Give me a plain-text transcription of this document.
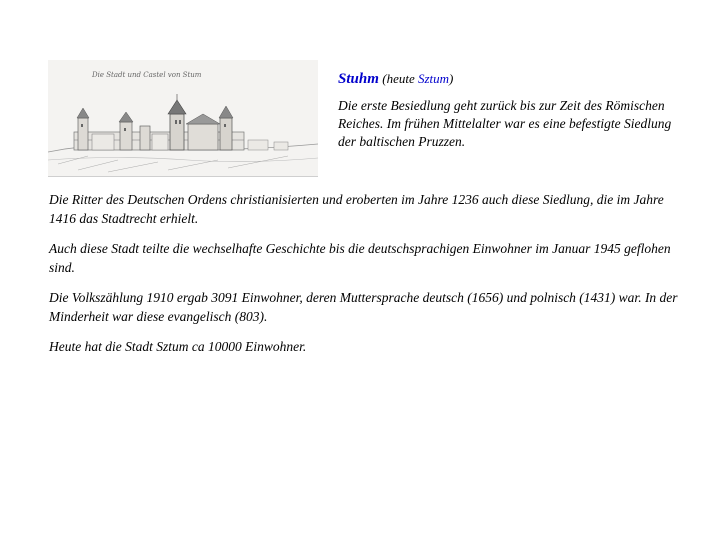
Die Stadt und Castel von Stum	Stuhm (heute Sztum)

Die erste Besiedlung geht zurück bis zur Zeit des Römischen Reiches. Im frühen Mittelalter war es eine befestigte Siedlung der baltischen Pruzzen.

Die Ritter des Deutschen Ordens christianisierten und eroberten im Jahre 1236 auch diese Siedlung, die im Jahre 1416 das Stadtrecht erhielt.

Auch diese Stadt teilte die wechselhafte Geschichte bis die deutschsprachigen Einwohner im Januar 1945 geflohen sind.

Die Volkszählung 1910 ergab 3091 Einwohner, deren Muttersprache deutsch (1656) und polnisch (1431) war. In der Minderheit war diese evangelisch (803).

Heute hat die Stadt Sztum ca 10000 Einwohner.
